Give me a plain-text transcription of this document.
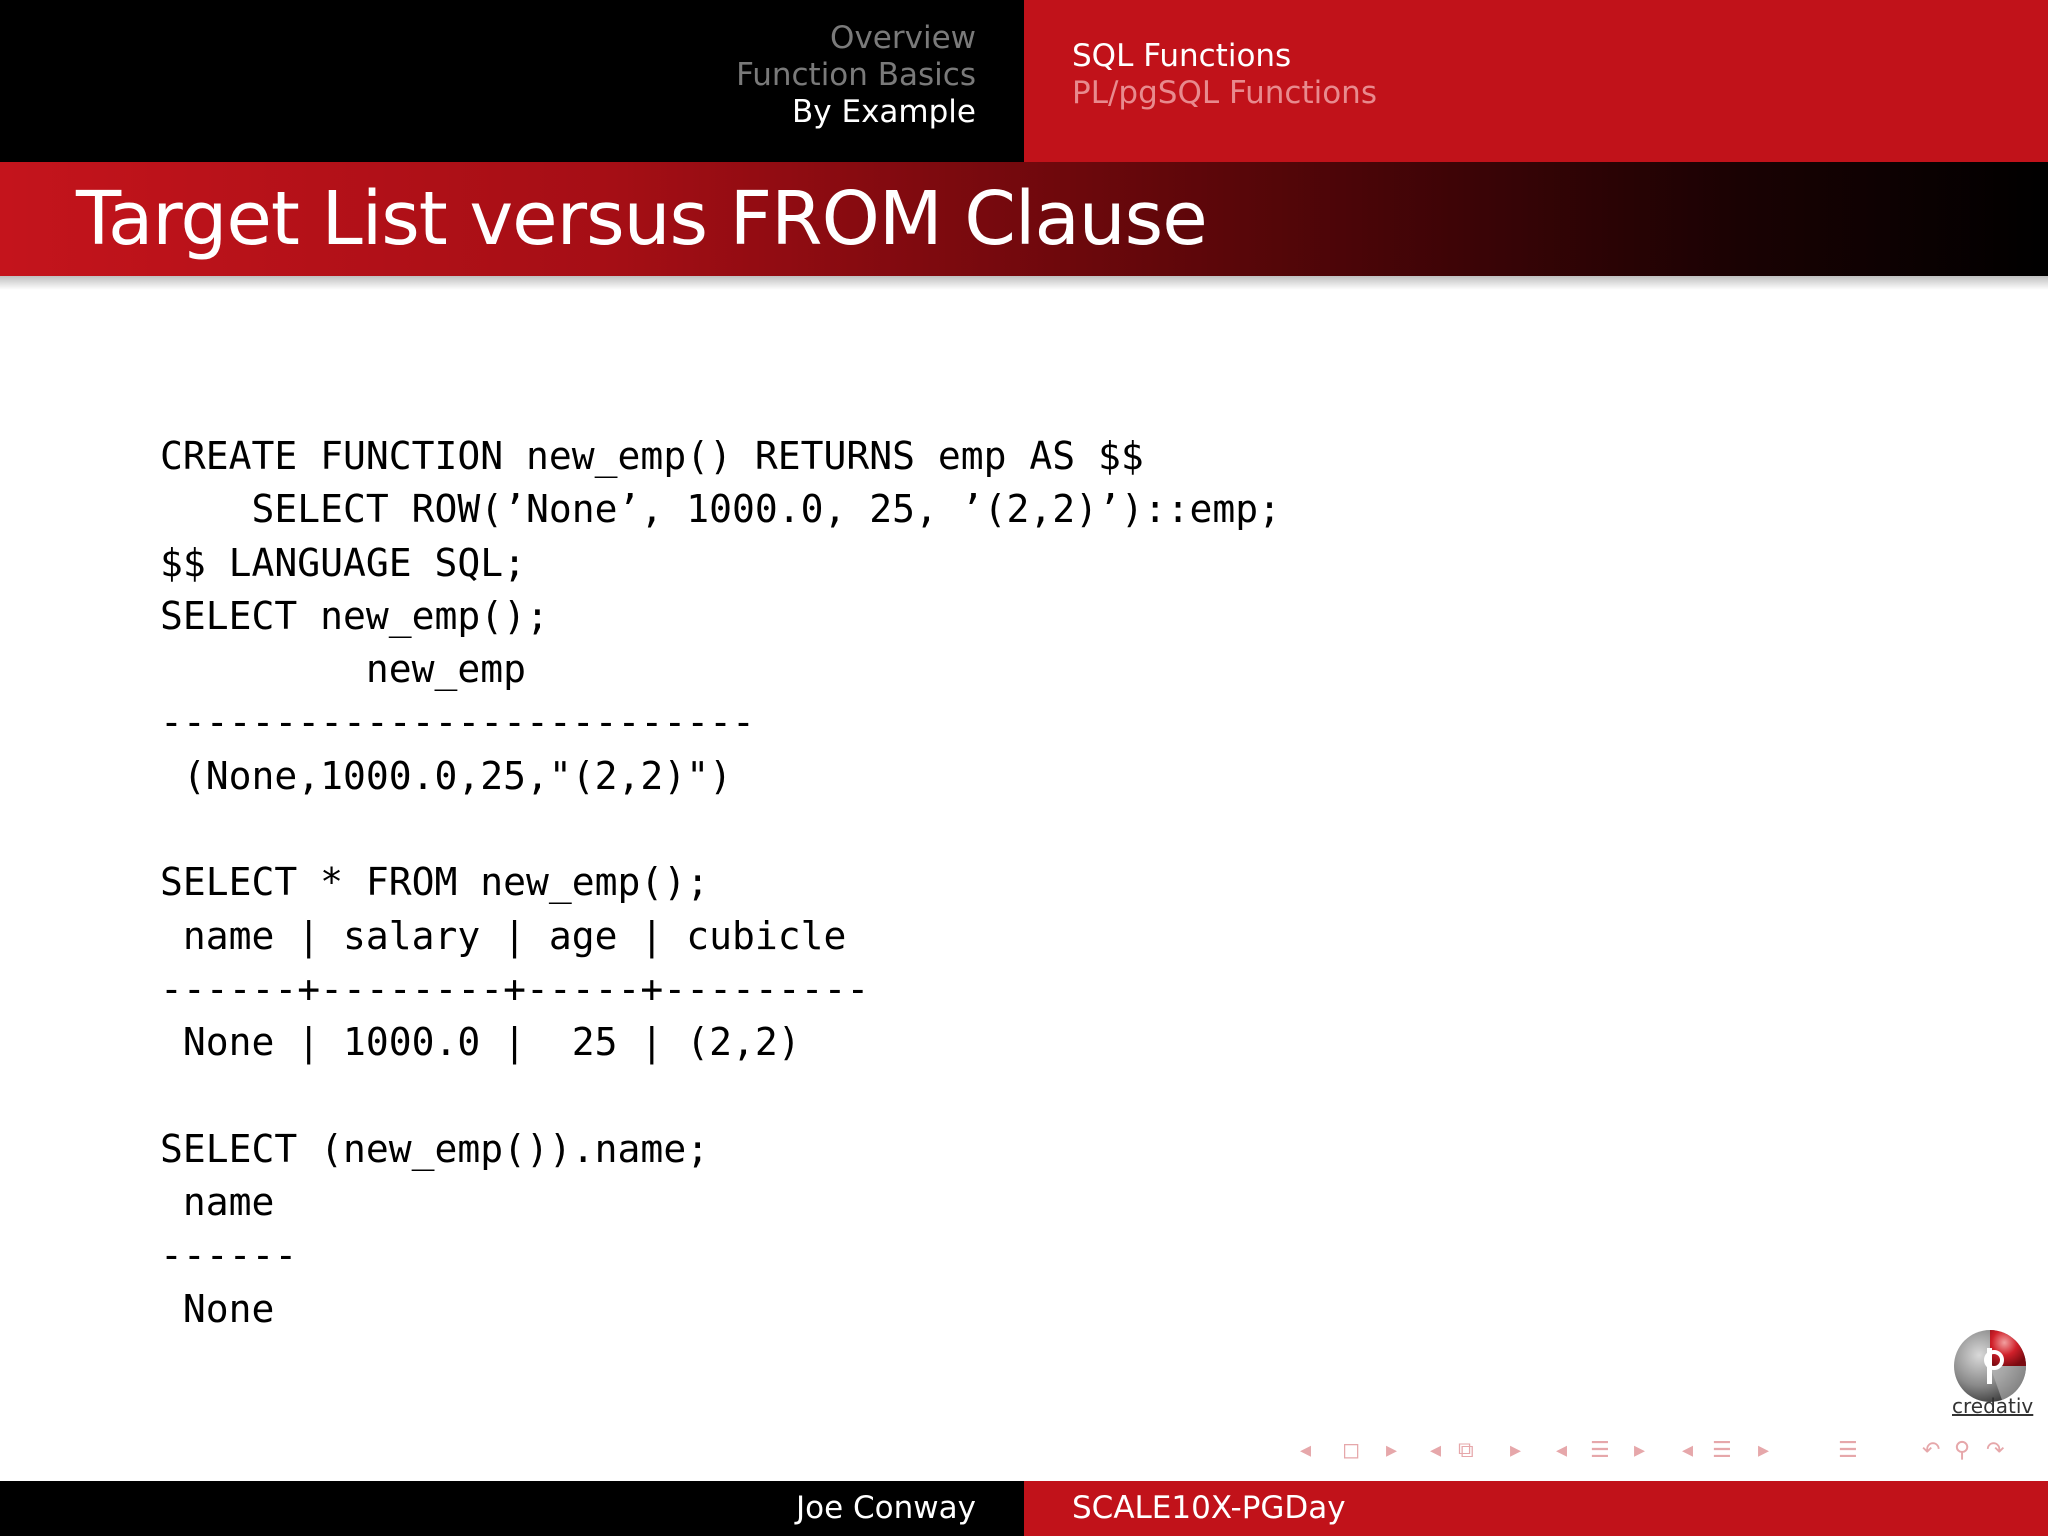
Overview
Function Basics
By Example
SQL Functions
PL/pgSQL Functions
Target List versus FROM Clause
CREATE FUNCTION new_emp() RETURNS emp AS $$
SELECT ROW(’None’, 1000.0, 25, ’(2,2)’)::emp;
$$ LANGUAGE SQL;
SELECT new_emp();
new_emp
--------------------------
(None,1000.0,25,"(2,2)")
SELECT * FROM new_emp();
name | salary | age | cubicle
------+--------+-----+---------
None | 1000.0 |  25 | (2,2)
SELECT (new_emp()).name;
name
------
None
credativ
◂ ◻ ▸ ◂ ⧉ ▸ ◂ ☰ ▸ ◂ ☰ ▸	☰	↶ ⚲ ↷
Joe Conway	SCALE10X-PGDay
